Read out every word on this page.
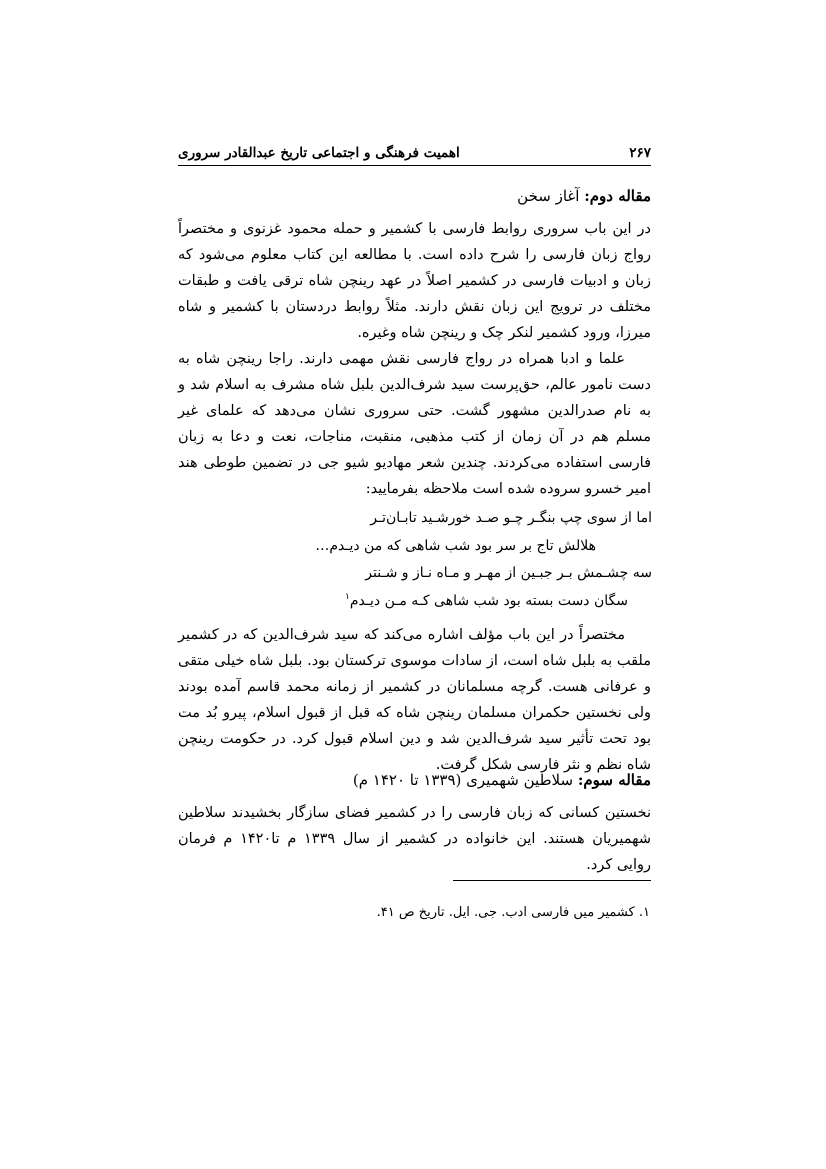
اهمیت فرهنگی و اجتماعی تاریخ عبدالقادر سروری	۲۶۷
مقاله دوم: آغاز سخن
در این باب سروری روابط فارسی با کشمیر و حمله محمود غزنوی و مختصراً رواج زبان فارسی را شرح داده است. با مطالعه این کتاب معلوم می‌شود که زبان و ادبیات فارسی در کشمیر اصلاً در عهد رینچن شاه ترقی یافت و طبقات مختلف در ترویج این زبان نقش دارند. مثلاً روابط دردستان با کشمیر و شاه میرزا، ورود کشمیر لنکر چک و رینچن شاه وغیره.
علما و ادبا همراه در رواج فارسی نقش مهمی دارند. راجا رینچن شاه به دست نامور عالم، حق‌پرست سید شرف‌الدین بلبل شاه مشرف به اسلام شد و به نام صدرالدین مشهور گشت. حتی سروری نشان می‌دهد که علمای غیر مسلم هم در آن زمان از کتب مذهبی، منقبت، مناجات، نعت و دعا به زبان فارسی استفاده می‌کردند. چندین شعر مهادیو شیو جی در تضمین طوطی هند امیر خسرو سروده شده است ملاحظه بفرمایید:
اما از سوی چپ بنگـر چـو صـد خورشـید تابـان‌تـر
هلالش تاج بر سر بود شب شاهی که من دیـدم…
سه چشـمش بـر جبـین از مهـر و مـاه نـاز و شـنتر
سگان دست بسته بود شب شاهی کـه مـن دیـدم$^۱$
مختصراً در این باب مؤلف اشاره می‌کند که سید شرف‌الدین که در کشمیر ملقب به بلبل شاه است، از سادات موسوی ترکستان بود. بلبل شاه خیلی متقی و عرفانی هست. گرچه مسلمانان در کشمیر از زمانه محمد قاسم آمده بودند ولی نخستین حکمران مسلمان رینچن شاه که قبل از قبول اسلام، پیرو بُد مت بود تحت تأثیر سید شرف‌الدین شد و دین اسلام قبول کرد. در حکومت رینچن شاه نظم و نثر فارسی شکل گرفت.
مقاله سوم: سلاطین شهمیری (۱۳۳۹ تا ۱۴۲۰ م)
نخستین کسانی که زبان فارسی را در کشمیر فضای سازگار بخشیدند سلاطین شهمیریان هستند. این خانواده در کشمیر از سال ۱۳۳۹ م تا۱۴۲۰ م فرمان روایی کرد.
۱. کشمیر میں فارسی ادب. جی. ایل. تاریخ ص ۴۱.
